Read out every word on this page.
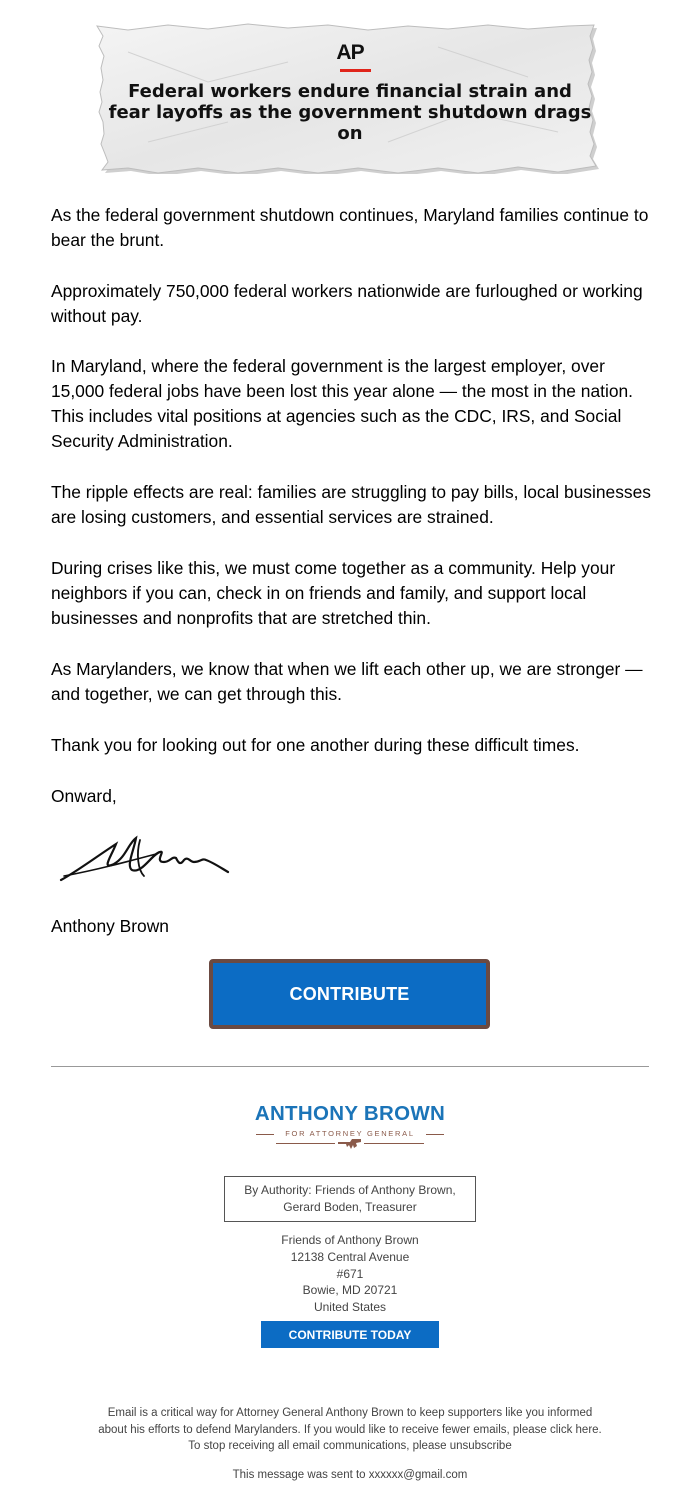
AP
Federal workers endure financial strain and fear layoffs as the government shutdown drags on

As the federal government shutdown continues, Maryland families continue to bear the brunt.

Approximately 750,000 federal workers nationwide are furloughed or working without pay.

In Maryland, where the federal government is the largest employer, over 15,000 federal jobs have been lost this year alone — the most in the nation. This includes vital positions at agencies such as the CDC, IRS, and Social Security Administration.

The ripple effects are real: families are struggling to pay bills, local businesses are losing customers, and essential services are strained.

During crises like this, we must come together as a community. Help your neighbors if you can, check in on friends and family, and support local businesses and nonprofits that are stretched thin.

As Marylanders, we know that when we lift each other up, we are stronger — and together, we can get through this.

Thank you for looking out for one another during these difficult times.

Onward,

Anthony Brown

CONTRIBUTE
ANTHONY BROWN
FOR ATTORNEY GENERAL
By Authority: Friends of Anthony Brown,
Gerard Boden, Treasurer
Friends of Anthony Brown
12138 Central Avenue
#671
Bowie, MD 20721
United States
CONTRIBUTE TODAY
Email is a critical way for Attorney General Anthony Brown to keep supporters like you informed
about his efforts to defend Marylanders. If you would like to receive fewer emails, please click here.
To stop receiving all email communications, please unsubscribe
This message was sent to xxxxxx@gmail.com
